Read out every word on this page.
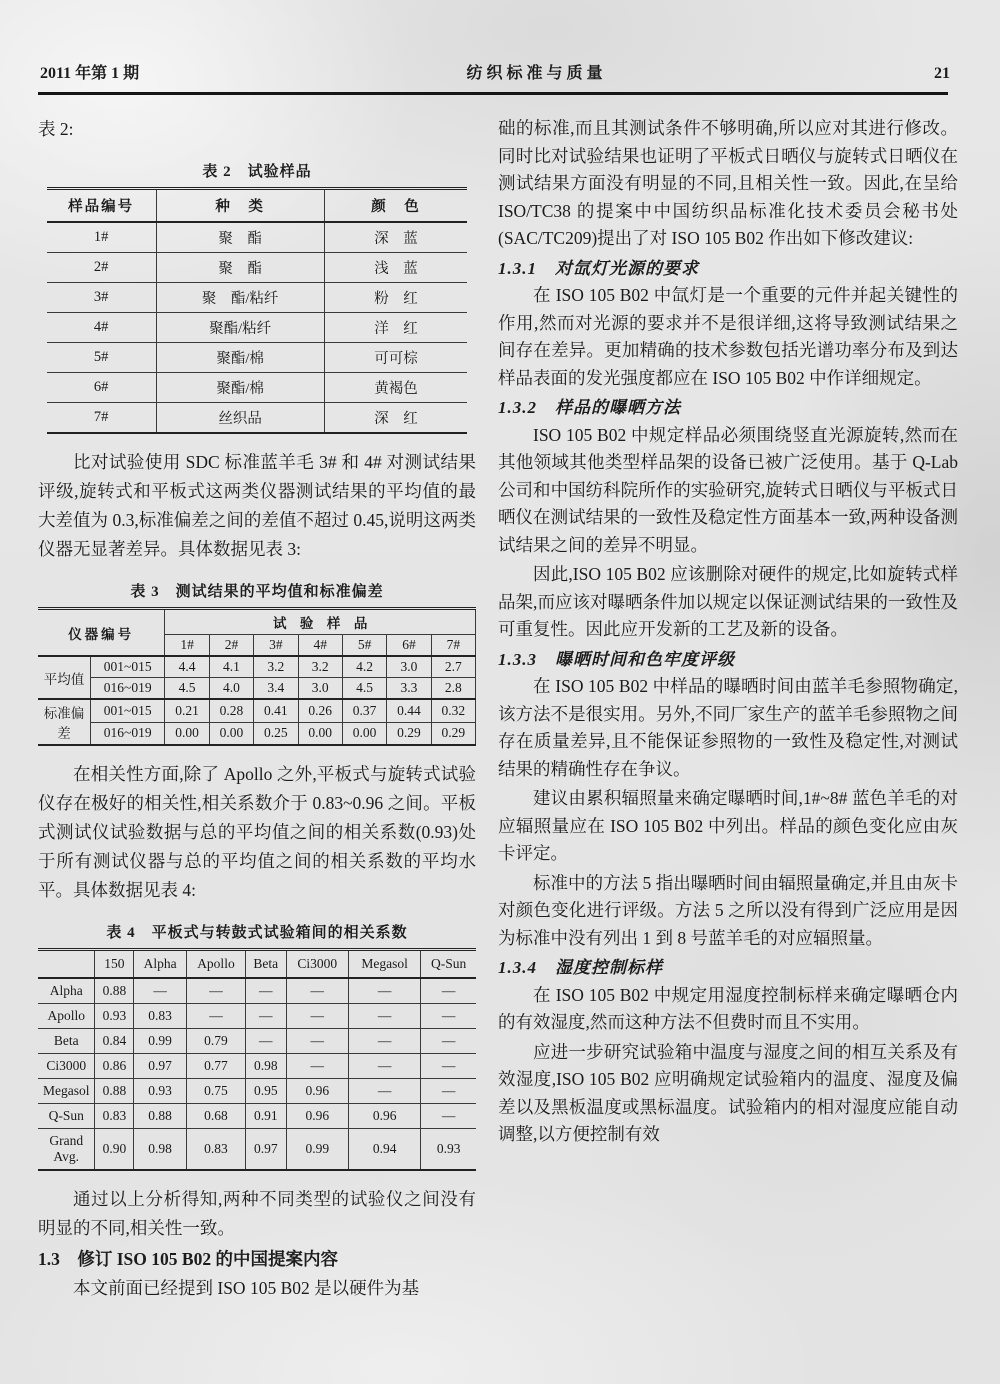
2011 年第 1 期	纺织标准与质量	21

表 2:

表 2　试验样品
样品编号	种　类	颜　色
1#	聚　酯	深　蓝
2#	聚　酯	浅　蓝
3#	聚　酯/粘纤	粉　红
4#	聚酯/粘纤	洋　红
5#	聚酯/棉	可可棕
6#	聚酯/棉	黄褐色
7#	丝织品	深　红

比对试验使用 SDC 标准蓝羊毛 3# 和 4# 对测试结果评级,旋转式和平板式这两类仪器测试结果的平均值的最大差值为 0.3,标准偏差之间的差值不超过 0.45,说明这两类仪器无显著差异。具体数据见表 3:

表 3　测试结果的平均值和标准偏差
仪器编号		试　验　样　品						
		1#	2#	3#	4#	5#	6#	7#
平均值	001~015	4.4	4.1	3.2	3.2	4.2	3.0	2.7
	016~019	4.5	4.0	3.4	3.0	4.5	3.3	2.8
标准偏差	001~015	0.21	0.28	0.41	0.26	0.37	0.44	0.32
	016~019	0.00	0.00	0.25	0.00	0.00	0.29	0.29

在相关性方面,除了 Apollo 之外,平板式与旋转式试验仪存在极好的相关性,相关系数介于 0.83~0.96 之间。平板式测试仪试验数据与总的平均值之间的相关系数(0.93)处于所有测试仪器与总的平均值之间的相关系数的平均水平。具体数据见表 4:

表 4　平板式与转鼓式试验箱间的相关系数
	150	Alpha	Apollo	Beta	Ci3000	Megasol	Q-Sun
Alpha	0.88	—	—	—	—	—	—
Apollo	0.93	0.83	—	—	—	—	—
Beta	0.84	0.99	0.79	—	—	—	—
Ci3000	0.86	0.97	0.77	0.98	—	—	—
Megasol	0.88	0.93	0.75	0.95	0.96	—	—
Q-Sun	0.83	0.88	0.68	0.91	0.96	0.96	—
Grand Avg.	0.90	0.98	0.83	0.97	0.99	0.94	0.93

通过以上分析得知,两种不同类型的试验仪之间没有明显的不同,相关性一致。

1.3　修订 ISO 105 B02 的中国提案内容

本文前面已经提到 ISO 105 B02 是以硬件为基

础的标准,而且其测试条件不够明确,所以应对其进行修改。同时比对试验结果也证明了平板式日晒仪与旋转式日晒仪在测试结果方面没有明显的不同,且相关性一致。因此,在呈给 ISO/TC38 的提案中中国纺织品标准化技术委员会秘书处(SAC/TC209)提出了对 ISO 105 B02 作出如下修改建议:

1.3.1　对氙灯光源的要求

在 ISO 105 B02 中氙灯是一个重要的元件并起关键性的作用,然而对光源的要求并不是很详细,这将导致测试结果之间存在差异。更加精确的技术参数包括光谱功率分布及到达样品表面的发光强度都应在 ISO 105 B02 中作详细规定。

1.3.2　样品的曝晒方法

ISO 105 B02 中规定样品必须围绕竖直光源旋转,然而在其他领域其他类型样品架的设备已被广泛使用。基于 Q-Lab 公司和中国纺科院所作的实验研究,旋转式日晒仪与平板式日晒仪在测试结果的一致性及稳定性方面基本一致,两种设备测试结果之间的差异不明显。

因此,ISO 105 B02 应该删除对硬件的规定,比如旋转式样品架,而应该对曝晒条件加以规定以保证测试结果的一致性及可重复性。因此应开发新的工艺及新的设备。

1.3.3　曝晒时间和色牢度评级

在 ISO 105 B02 中样品的曝晒时间由蓝羊毛参照物确定,该方法不是很实用。另外,不同厂家生产的蓝羊毛参照物之间存在质量差异,且不能保证参照物的一致性及稳定性,对测试结果的精确性存在争议。

建议由累积辐照量来确定曝晒时间,1#~8# 蓝色羊毛的对应辐照量应在 ISO 105 B02 中列出。样品的颜色变化应由灰卡评定。

标准中的方法 5 指出曝晒时间由辐照量确定,并且由灰卡对颜色变化进行评级。方法 5 之所以没有得到广泛应用是因为标准中没有列出 1 到 8 号蓝羊毛的对应辐照量。

1.3.4　湿度控制标样

在 ISO 105 B02 中规定用湿度控制标样来确定曝晒仓内的有效湿度,然而这种方法不但费时而且不实用。

应进一步研究试验箱中温度与湿度之间的相互关系及有效湿度,ISO 105 B02 应明确规定试验箱内的温度、湿度及偏差以及黑板温度或黑标温度。试验箱内的相对湿度应能自动调整,以方便控制有效
